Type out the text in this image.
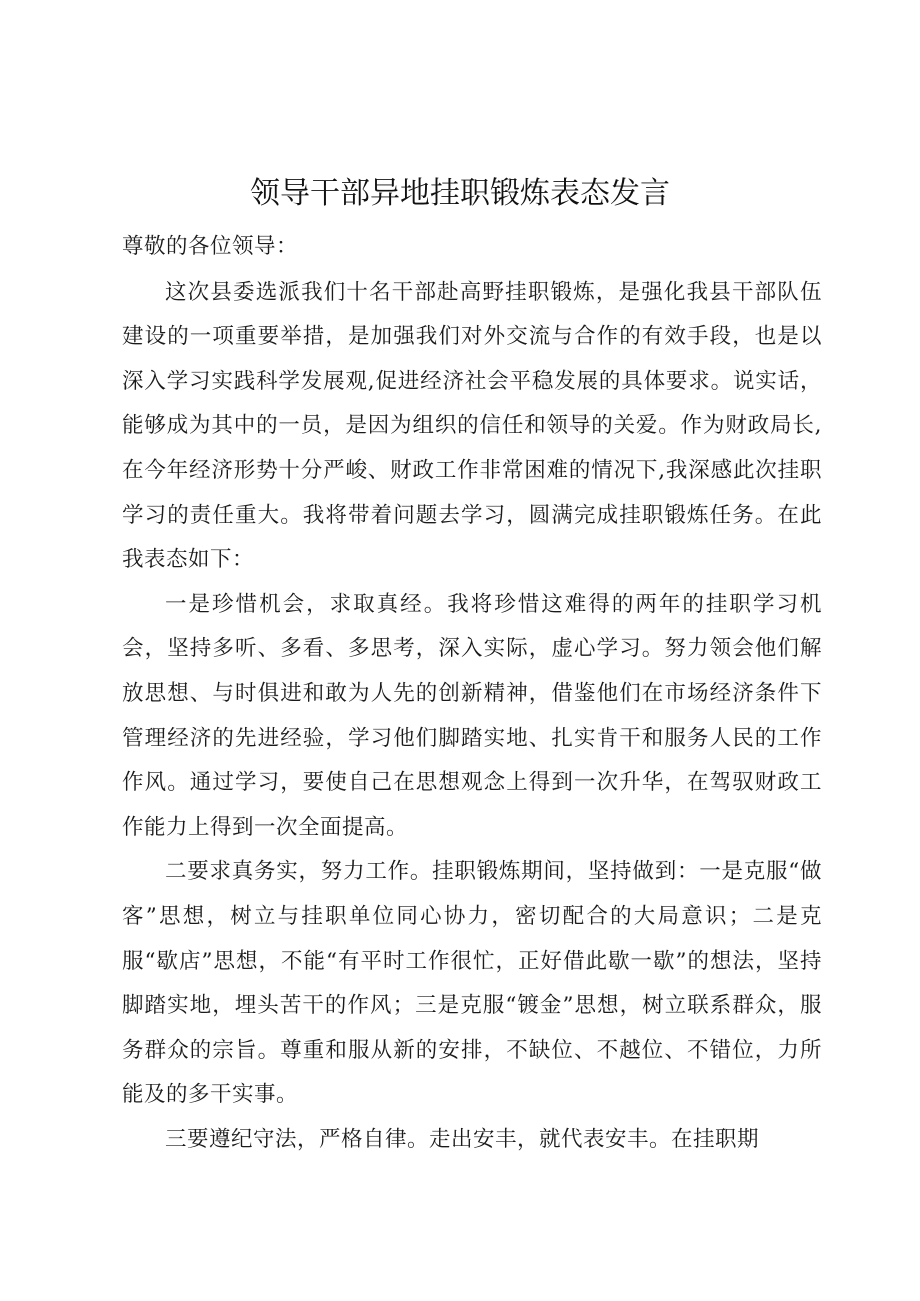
领导干部异地挂职锻炼表态发言

尊敬的各位领导：

这次县委选派我们十名干部赴高野挂职锻炼，是强化我县干部队伍建设的一项重要举措，是加强我们对外交流与合作的有效手段，也是以深入学习实践科学发展观,促进经济社会平稳发展的具体要求。说实话，能够成为其中的一员，是因为组织的信任和领导的关爱。作为财政局长,在今年经济形势十分严峻、财政工作非常困难的情况下,我深感此次挂职学习的责任重大。我将带着问题去学习，圆满完成挂职锻炼任务。在此我表态如下：

一是珍惜机会，求取真经。我将珍惜这难得的两年的挂职学习机会，坚持多听、多看、多思考，深入实际，虚心学习。努力领会他们解放思想、与时俱进和敢为人先的创新精神，借鉴他们在市场经济条件下管理经济的先进经验，学习他们脚踏实地、扎实肯干和服务人民的工作作风。通过学习，要使自己在思想观念上得到一次升华，在驾驭财政工作能力上得到一次全面提高。

二要求真务实，努力工作。挂职锻炼期间，坚持做到：一是克服“做客”思想，树立与挂职单位同心协力，密切配合的大局意识；二是克服“歇店”思想，不能“有平时工作很忙，正好借此歇一歇”的想法，坚持脚踏实地，埋头苦干的作风；三是克服“镀金”思想，树立联系群众，服务群众的宗旨。尊重和服从新的安排，不缺位、不越位、不错位，力所能及的多干实事。

三要遵纪守法，严格自律。走出安丰，就代表安丰。在挂职期
